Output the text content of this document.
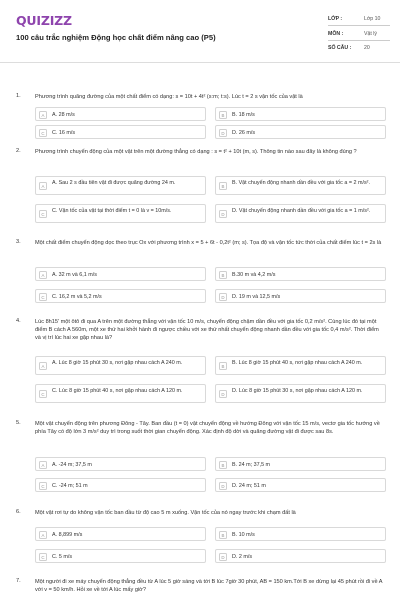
QUIZIZZ
100 câu trắc nghiệm Động học chất điểm nâng cao (P5)
LỚP :	Lớp 10
MÔN :	Vật lý
SỐ CÂU : 20
1.	Phương trình quãng đường của một chất điểm có dạng: s = 10t + 4t² (s:m; t:s). Lúc t = 2 s vận tốc của vật là
A	A. 28 m/s	B	B. 18 m/s
C	C. 16 m/s	D	D. 26 m/s
2.	Phương trình chuyển động của một vật trên một đường thẳng có dạng : s = t² + 10t (m, s). Thông tin nào sau đây là không đúng ?
A
A. Sau 2 s đầu tiên vật đi được quãng đường 24 m.
B
B. Vật chuyển động nhanh dần đều với gia tốc a = 2 m/s².
C
C. Vận tốc của vật tại thời điểm t = 0 là v = 10m/s.
D
D. Vật chuyển động nhanh dần đều với gia tốc a = 1 m/s².
3.	Một chất điểm chuyển động dọc theo trục Ox với phương trình x = 5 + 6t - 0,2t² (m; s). Tọa độ và vận tốc tức thời của chất điểm lúc t = 2s là
A	A. 32 m và 6,1 m/s	B	B.30 m và 4,2 m/s
C	C. 16,2 m và 5,2 m/s	D	D. 19 m và 12,5 m/s
4.	Lúc 8h15' một ôtô đi qua A trên một đường thẳng với vận tốc 10 m/s, chuyển động chậm dần đều với gia tốc 0,2 m/s². Cùng lúc đó tại một điểm B cách A 560m, một xe thứ hai khởi hành đi ngược chiều với xe thứ nhất chuyển động nhanh dần đều với gia tốc 0,4 m/s². Thời điểm và vị trí lúc hai xe gặp nhau là?
A
A. Lúc 8 giờ 15 phút 30 s, nơi gặp nhau cách A 240 m.
B
B. Lúc 8 giờ 15 phút 40 s, nơi gặp nhau cách A 240 m.
C
C. Lúc 8 giờ 15 phút 40 s, nơi gặp nhau cách A 120 m.
D
D. Lúc 8 giờ 15 phút 30 s, nơi gặp nhau cách A 120 m.
5.	Một vật chuyển động trên phương Đông - Tây. Ban đầu (t = 0) vật chuyển động về hướng Đông với vận tốc 15 m/s, vectơ gia tốc hướng về phía Tây có độ lớn 3 m/s² duy trì trong suốt thời gian chuyển động. Xác định độ dời và quãng đường vật đi được sau 8s.
A	A. -24 m; 37,5 m	B	B. 24 m; 37,5 m
C	C. -24 m; 51 m	D	D. 24 m; 51 m
6.	Một vật rơi tự do không vận tốc ban đầu từ độ cao 5 m xuống. Vận tốc của nó ngay trước khi chạm đất là
A	A. 8,899 m/s	B	B. 10 m/s
C	C. 5 m/s	D	D. 2 m/s
7.	Một người đi xe máy chuyển động thẳng đều từ A lúc 5 giờ sáng và tới B lúc 7giờ 30 phút, AB = 150 km.Tới B xe dừng lại 45 phút rồi đi về A với v = 50 km/h. Hỏi xe về tới A lúc mấy giờ?
